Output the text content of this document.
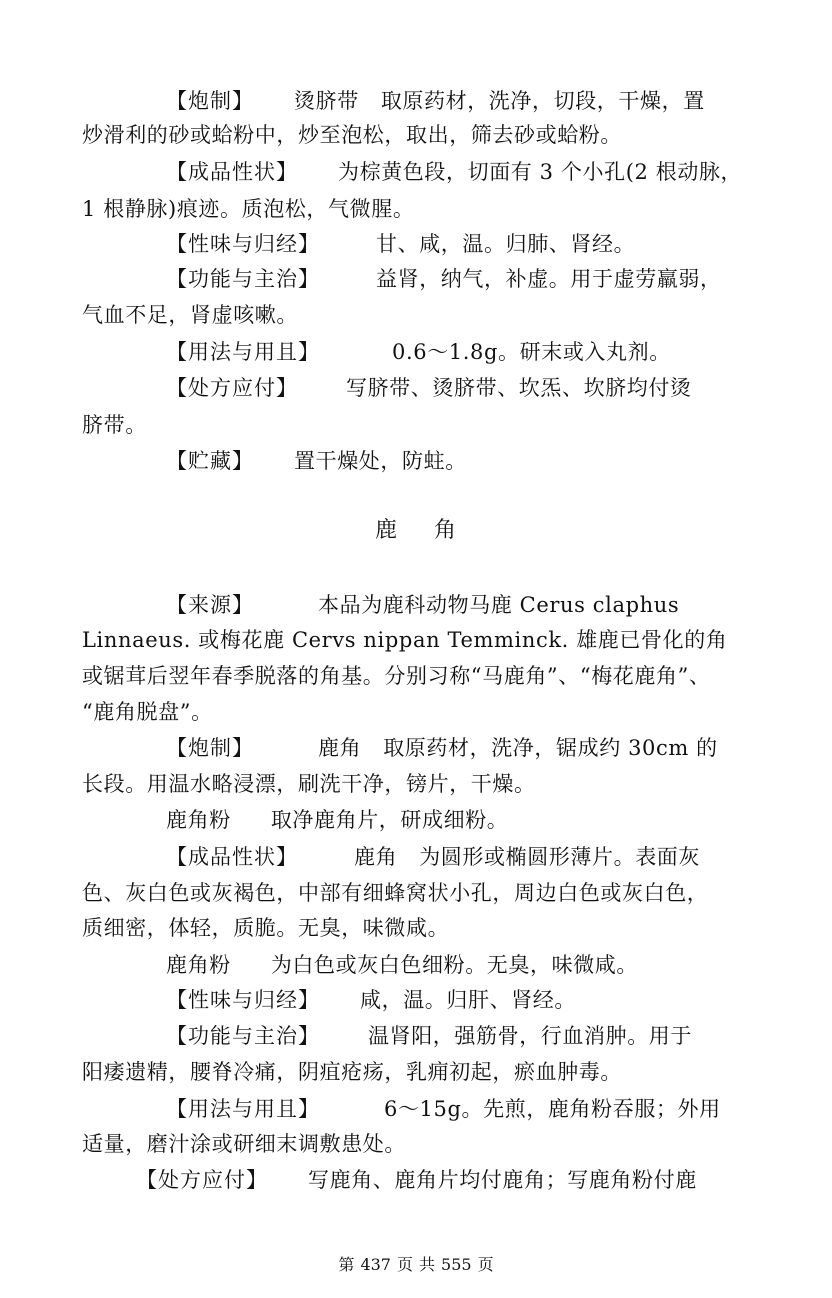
【炮制】 烫脐带 取原药材，洗净，切段，干燥，置
炒滑利的砂或蛤粉中，炒至泡松，取出，筛去砂或蛤粉。
【成品性状】 为棕黄色段，切面有 3 个小孔(2 根动脉，
1 根静脉)痕迹。质泡松，气微腥。
【性味与归经】	甘、咸，温。归肺、肾经。
【功能与主治】	益肾，纳气，补虚。用于虚劳羸弱，
气血不足，肾虚咳嗽。
【用法与用且】	0.6～1.8g。研末或入丸剂。
【处方应付】 写脐带、烫脐带、坎炁、坎脐均付烫
脐带。
【贮藏】 置干燥处，防蛀。
鹿 角
【来源】	本品为鹿科动物马鹿 Cerus claphus
Linnaeus. 或梅花鹿 Cervs nippan Temminck. 雄鹿已骨化的角
或锯茸后翌年春季脱落的角基。分别习称“马鹿角”、“梅花鹿角”、
“鹿角脱盘”。
【炮制】	鹿角 取原药材，洗净，锯成约 30cm 的
长段。用温水略浸漂，刷洗干净，镑片，干燥。
鹿角粉 取净鹿角片，研成细粉。
【成品性状】	鹿角 为圆形或椭圆形薄片。表面灰
色、灰白色或灰褐色，中部有细蜂窝状小孔，周边白色或灰白色，
质细密，体轻，质脆。无臭，味微咸。
鹿角粉 为白色或灰白色细粉。无臭，味微咸。
【性味与归经】 咸，温。归肝、肾经。
【功能与主治】 温肾阳，强筋骨，行血消肿。用于
阳痿遗精，腰脊冷痛，阴疽疮疡，乳痈初起，瘀血肿毒。
【用法与用且】	6～15g。先煎，鹿角粉吞服；外用
适量，磨汁涂或研细末调敷患处。
【处方应付】 写鹿角、鹿角片均付鹿角；写鹿角粉付鹿
第 437 页 共 555 页
